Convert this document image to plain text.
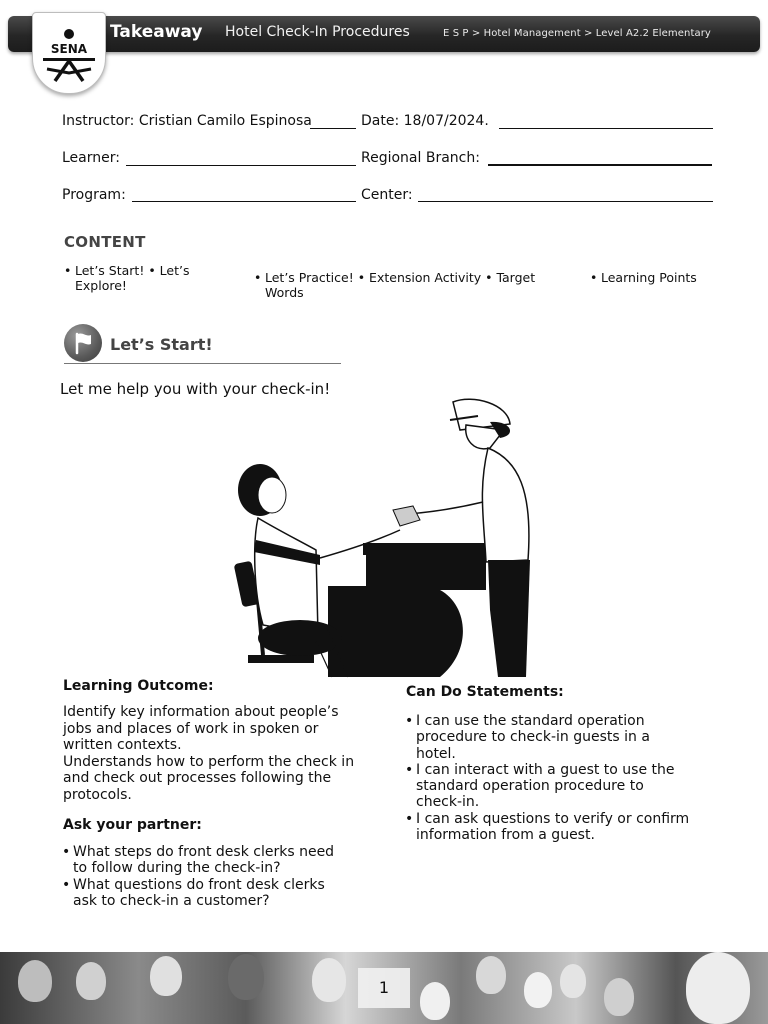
SENA
Takeaway Hotel Check-In Procedures	E S P > Hotel Management > Level A2.2 Elementary
Instructor: Cristian Camilo Espinosa	Date: 18/07/2024.
Learner:	Regional Branch:
Program:	Center:
CONTENT
• Let’s Start! • Let’s Explore!
• Let’s Practice! • Extension Activity • Target Words
• Learning Points
Let’s Start!
Let me help you with your check-in!
Learning Outcome:
Identify key information about people’s jobs and places of work in spoken or written contexts.
Understands how to perform the check in and check out processes following the protocols.
Ask your partner:
• What steps do front desk clerks need to follow during the check-in?
• What questions do front desk clerks ask to check-in a customer?
Can Do Statements:
• I can use the standard operation procedure to check-in guests in a hotel.
• I can interact with a guest to use the standard operation procedure to check-in.
• I can ask questions to verify or confirm information from a guest.
1
